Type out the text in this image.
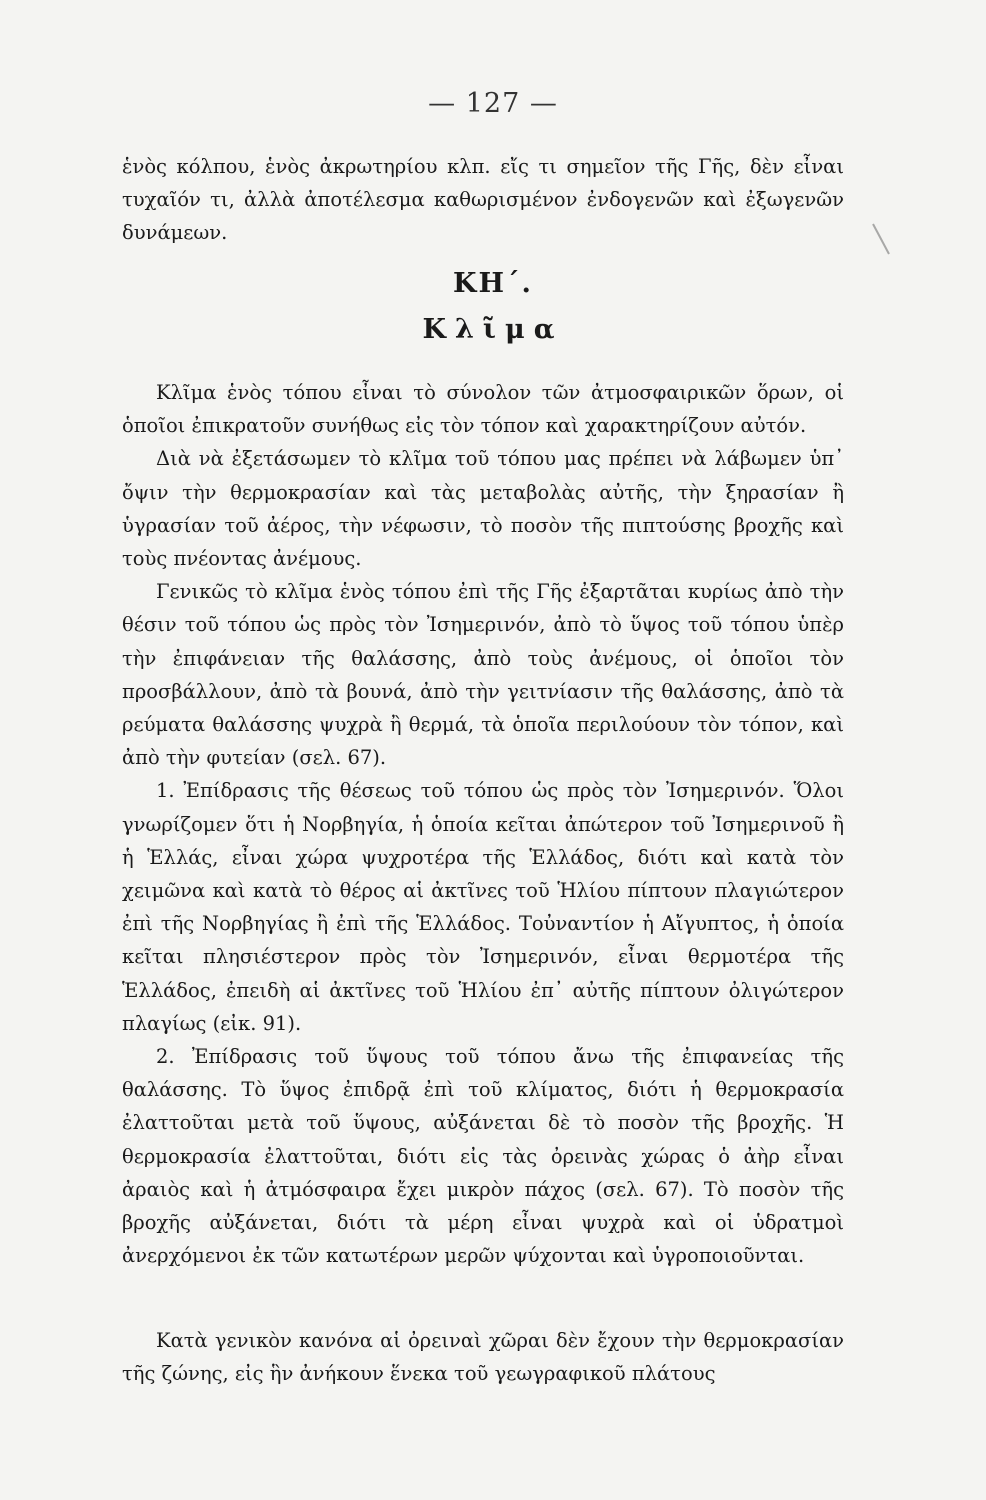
— 127 —

ἑνὸς κόλπου, ἑνὸς ἀκρωτηρίου κλπ. εἴς τι σημεῖον τῆς Γῆς, δὲν εἶναι τυχαῖόν τι, ἀλλὰ ἀποτέλεσμα καθωρισμένον ἐνδογενῶν καὶ ἐξωγενῶν δυνάμεων.

ΚΗ΄.
Κλῖμα

Κλῖμα ἑνὸς τόπου εἶναι τὸ σύνολον τῶν ἀτμοσφαιρικῶν ὅρων, οἱ ὁποῖοι ἐπικρατοῦν συνήθως εἰς τὸν τόπον καὶ χαρακτηρίζουν αὐτόν.

Διὰ νὰ ἐξετάσωμεν τὸ κλῖμα τοῦ τόπου μας πρέπει νὰ λάβωμεν ὑπ᾽ ὄψιν τὴν θερμοκρασίαν καὶ τὰς μεταβολὰς αὐτῆς, τὴν ξηρασίαν ἢ ὑγρασίαν τοῦ ἀέρος, τὴν νέφωσιν, τὸ ποσὸν τῆς πιπτούσης βροχῆς καὶ τοὺς πνέοντας ἀνέμους.

Γενικῶς τὸ κλῖμα ἑνὸς τόπου ἐπὶ τῆς Γῆς ἐξαρτᾶται κυρίως ἀπὸ τὴν θέσιν τοῦ τόπου ὡς πρὸς τὸν Ἰσημερινόν, ἀπὸ τὸ ὕψος τοῦ τόπου ὑπὲρ τὴν ἐπιφάνειαν τῆς θαλάσσης, ἀπὸ τοὺς ἀνέμους, οἱ ὁποῖοι τὸν προσβάλλουν, ἀπὸ τὰ βουνά, ἀπὸ τὴν γειτνίασιν τῆς θαλάσσης, ἀπὸ τὰ ρεύματα θαλάσσης ψυχρὰ ἢ θερμά, τὰ ὁποῖα περιλούουν τὸν τόπον, καὶ ἀπὸ τὴν φυτείαν (σελ. 67).

1. Ἐπίδρασις τῆς θέσεως τοῦ τόπου ὡς πρὸς τὸν Ἰσημερινόν. Ὅλοι γνωρίζομεν ὅτι ἡ Νορβηγία, ἡ ὁποία κεῖται ἀπώτερον τοῦ Ἰσημερινοῦ ἢ ἡ Ἑλλάς, εἶναι χώρα ψυχροτέρα τῆς Ἑλλάδος, διότι καὶ κατὰ τὸν χειμῶνα καὶ κατὰ τὸ θέρος αἱ ἀκτῖνες τοῦ Ἡλίου πίπτουν πλαγιώτερον ἐπὶ τῆς Νορβηγίας ἢ ἐπὶ τῆς Ἑλλάδος. Τοὐναντίον ἡ Αἴγυπτος, ἡ ὁποία κεῖται πλησιέστερον πρὸς τὸν Ἰσημερινόν, εἶναι θερμοτέρα τῆς Ἑλλάδος, ἐπειδὴ αἱ ἀκτῖνες τοῦ Ἡλίου ἐπ᾽ αὐτῆς πίπτουν ὀλιγώτερον πλαγίως (εἰκ. 91).

2. Ἐπίδρασις τοῦ ὕψους τοῦ τόπου ἄνω τῆς ἐπιφανείας τῆς θαλάσσης. Τὸ ὕψος ἐπιδρᾷ ἐπὶ τοῦ κλίματος, διότι ἡ θερμοκρασία ἐλαττοῦται μετὰ τοῦ ὕψους, αὐξάνεται δὲ τὸ ποσὸν τῆς βροχῆς. Ἡ θερμοκρασία ἐλαττοῦται, διότι εἰς τὰς ὀρεινὰς χώρας ὁ ἀὴρ εἶναι ἀραιὸς καὶ ἡ ἀτμόσφαιρα ἔχει μικρὸν πάχος (σελ. 67). Τὸ ποσὸν τῆς βροχῆς αὐξάνεται, διότι τὰ μέρη εἶναι ψυχρὰ καὶ οἱ ὑδρατμοὶ ἀνερχόμενοι ἐκ τῶν κατωτέρων μερῶν ψύχονται καὶ ὑγροποιοῦνται.

Κατὰ γενικὸν κανόνα αἱ ὀρειναὶ χῶραι δὲν ἔχουν τὴν θερμοκρασίαν τῆς ζώνης, εἰς ἣν ἀνήκουν ἕνεκα τοῦ γεωγραφικοῦ πλάτους
